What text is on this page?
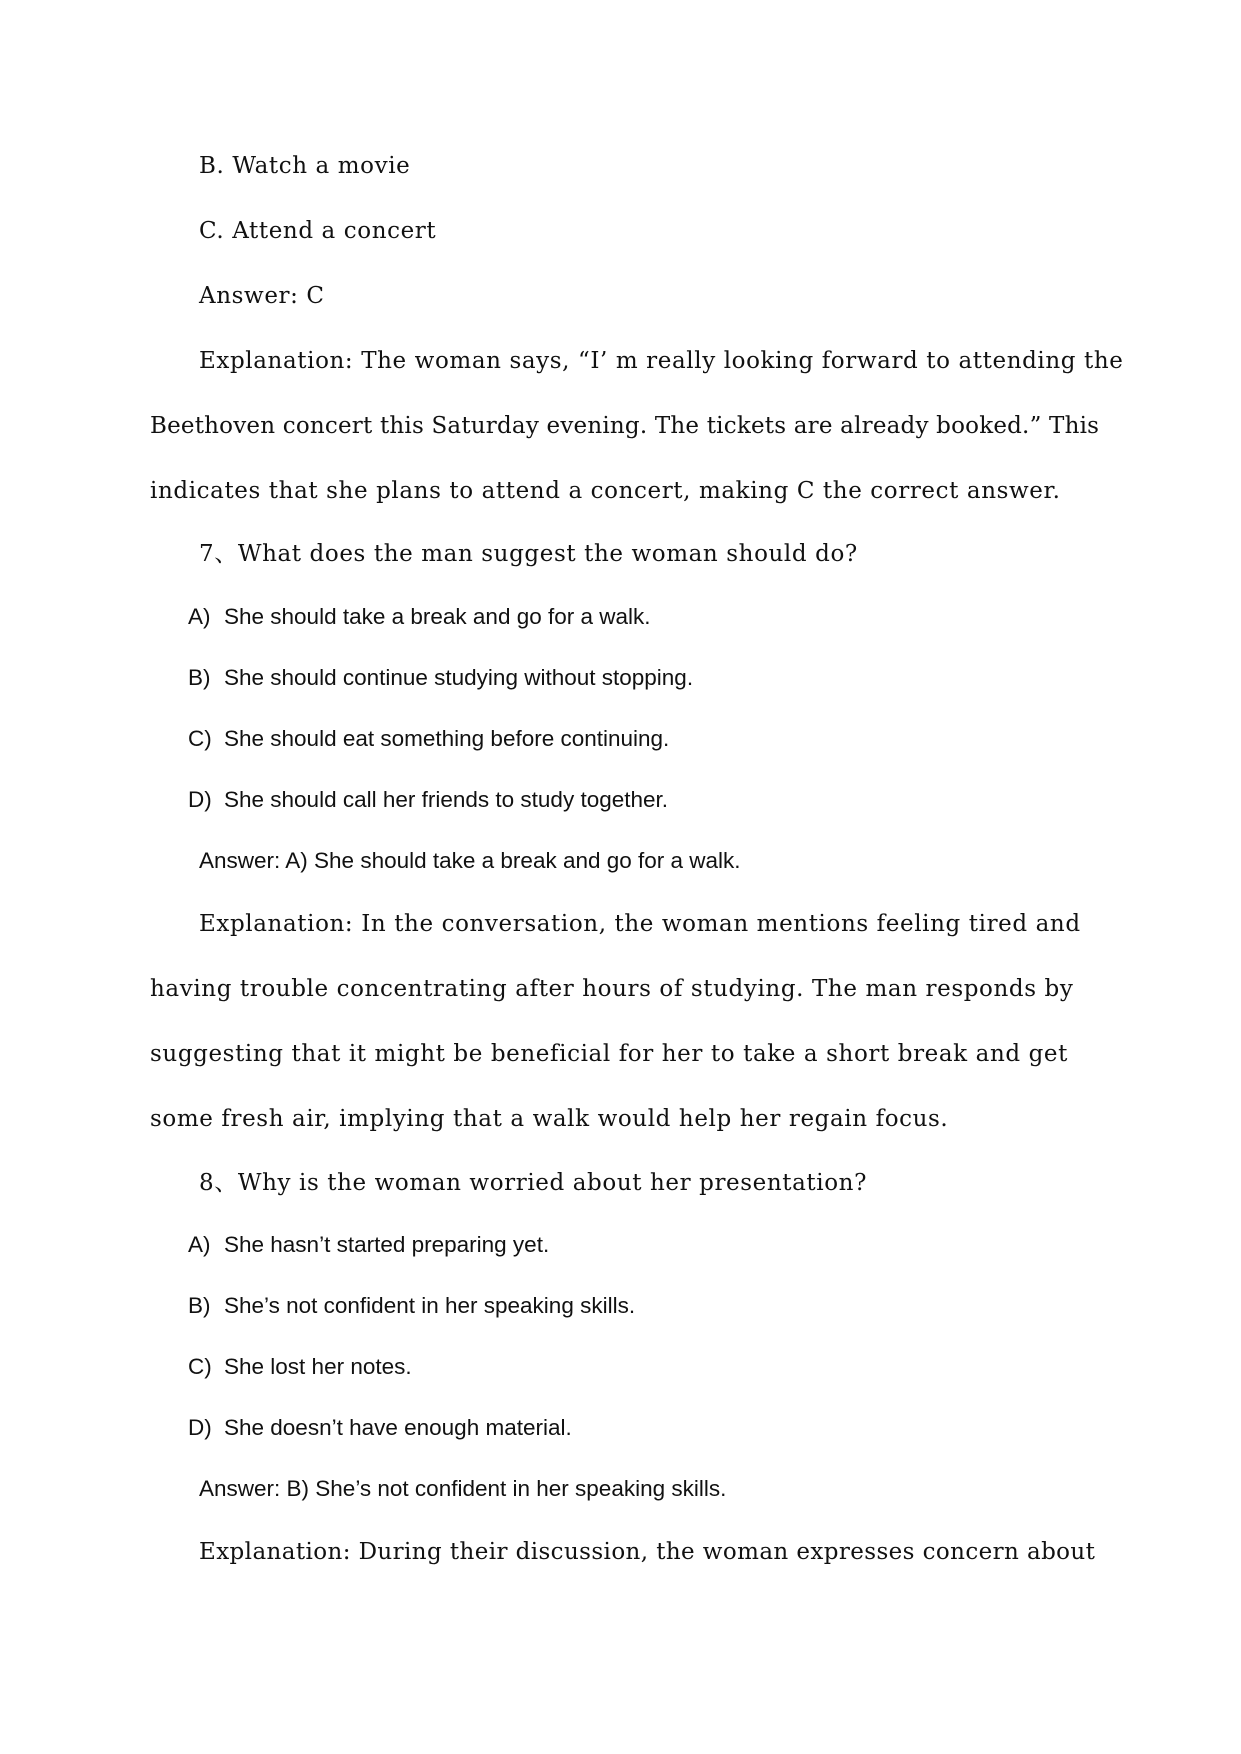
B. Watch a movie

C. Attend a concert

Answer: C

Explanation: The woman says, “I’ m really looking forward to attending the

Beethoven concert this Saturday evening. The tickets are already booked.” This

indicates that she plans to attend a concert, making C the correct answer.

7、What does the man suggest the woman should do?

A) She should take a break and go for a walk.

B) She should continue studying without stopping.

C) She should eat something before continuing.

D) She should call her friends to study together.

Answer: A) She should take a break and go for a walk.

Explanation: In the conversation, the woman mentions feeling tired and

having trouble concentrating after hours of studying. The man responds by

suggesting that it might be beneficial for her to take a short break and get

some fresh air, implying that a walk would help her regain focus.

8、Why is the woman worried about her presentation?

A) She hasn’t started preparing yet.

B) She’s not confident in her speaking skills.

C) She lost her notes.

D) She doesn’t have enough material.

Answer: B) She’s not confident in her speaking skills.

Explanation: During their discussion, the woman expresses concern about
